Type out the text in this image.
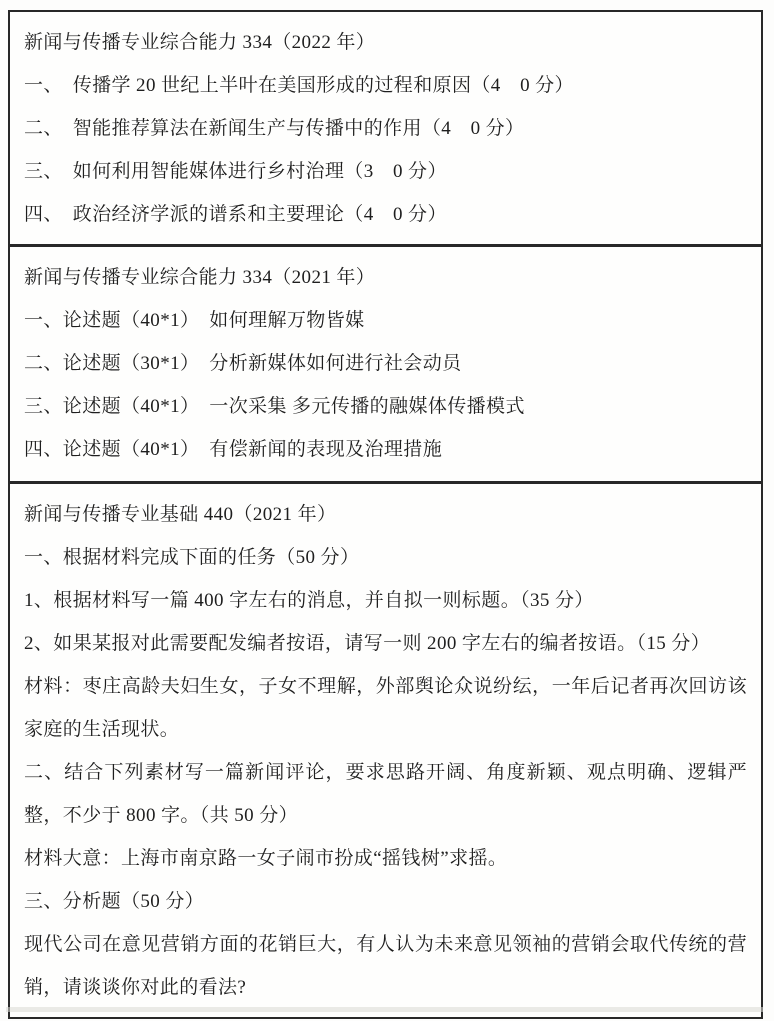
新闻与传播专业综合能力 334（2022 年）

一、　传播学 20 世纪上半叶在美国形成的过程和原因（4　0 分）

二、　智能推荐算法在新闻生产与传播中的作用（4　0 分）

三、　如何利用智能媒体进行乡村治理（3　0 分）

四、　政治经济学派的谱系和主要理论（4　0 分）

新闻与传播专业综合能力 334（2021 年）

一、论述题（40*1）　如何理解万物皆媒

二、论述题（30*1）　分析新媒体如何进行社会动员

三、论述题（40*1）　一次采集 多元传播的融媒体传播模式

四、论述题（40*1）　有偿新闻的表现及治理措施

新闻与传播专业基础 440（2021 年）

一、根据材料完成下面的任务（50 分）

1、根据材料写一篇 400 字左右的消息，并自拟一则标题。（35 分）

2、如果某报对此需要配发编者按语，请写一则 200 字左右的编者按语。（15 分）

材料：枣庄高龄夫妇生女，子女不理解，外部舆论众说纷纭，一年后记者再次回访该家庭的生活现状。

二、结合下列素材写一篇新闻评论，要求思路开阔、角度新颖、观点明确、逻辑严整，不少于 800 字。（共 50 分）

材料大意：上海市南京路一女子闹市扮成“摇钱树”求摇。

三、分析题（50 分）

现代公司在意见营销方面的花销巨大，有人认为未来意见领袖的营销会取代传统的营销，请谈谈你对此的看法?
